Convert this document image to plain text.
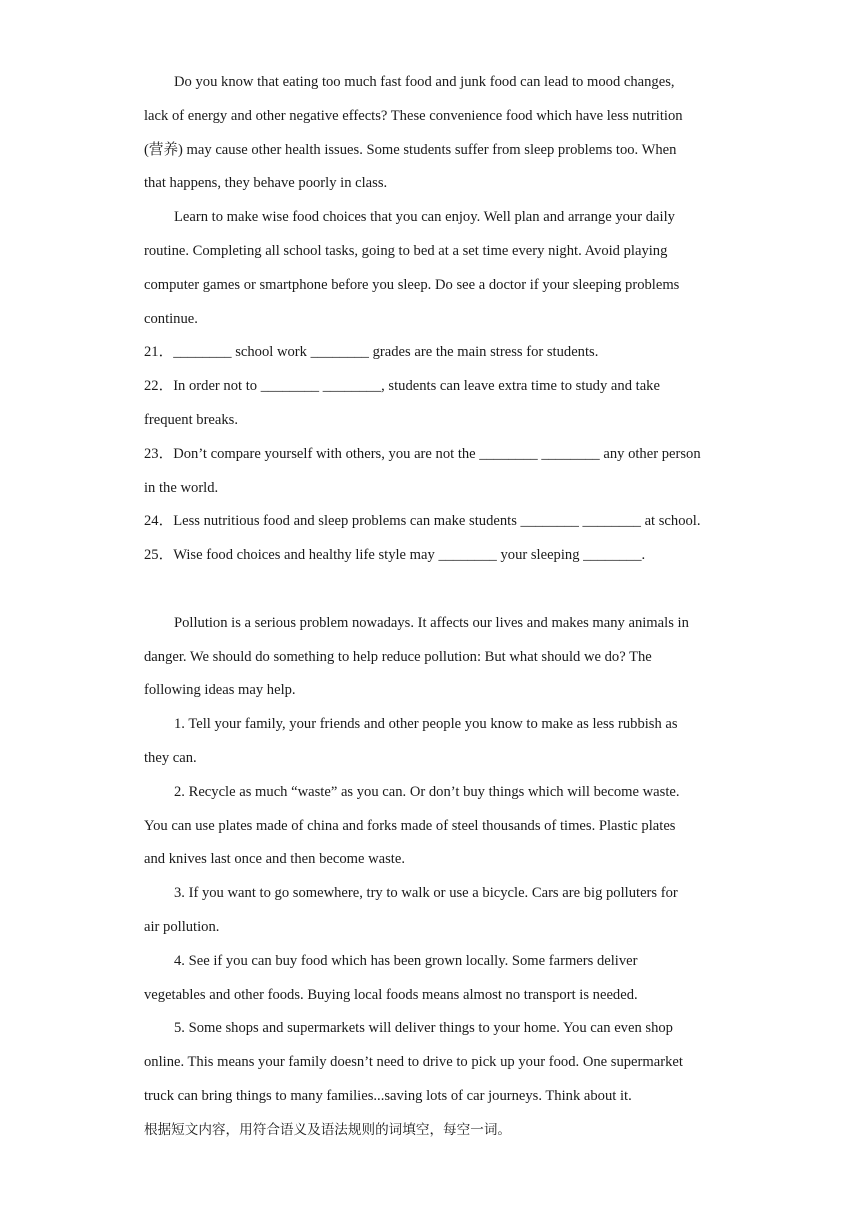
Do you know that eating too much fast food and junk food can lead to mood changes,

lack of energy and other negative effects? These convenience food which have less nutrition

(营养) may cause other health issues. Some students suffer from sleep problems too. When

that happens, they behave poorly in class.

Learn to make wise food choices that you can enjoy. Well plan and arrange your daily

routine. Completing all school tasks, going to bed at a set time every night. Avoid playing

computer games or smartphone before you sleep. Do see a doctor if your sleeping problems

continue.

21．________ school work ________ grades are the main stress for students.

22．In order not to ________ ________, students can leave extra time to study and take

frequent breaks.

23．Don’t compare yourself with others, you are not the ________ ________ any other person

in the world.

24．Less nutritious food and sleep problems can make students ________ ________ at school.

25．Wise food choices and healthy life style may ________ your sleeping ________.

Pollution is a serious problem nowadays. It affects our lives and makes many animals in

danger. We should do something to help reduce pollution: But what should we do? The

following ideas may help.

1. Tell your family, your friends and other people you know to make as less rubbish as

they can.

2. Recycle as much “waste” as you can. Or don’t buy things which will become waste.

You can use plates made of china and forks made of steel thousands of times. Plastic plates

and knives last once and then become waste.

3. If you want to go somewhere, try to walk or use a bicycle. Cars are big polluters for

air pollution.

4. See if you can buy food which has been grown locally. Some farmers deliver

vegetables and other foods. Buying local foods means almost no transport is needed.

5. Some shops and supermarkets will deliver things to your home. You can even shop

online. This means your family doesn’t need to drive to pick up your food. One supermarket

truck can bring things to many families...saving lots of car journeys. Think about it.

根据短文内容，用符合语义及语法规则的词填空，每空一词。
